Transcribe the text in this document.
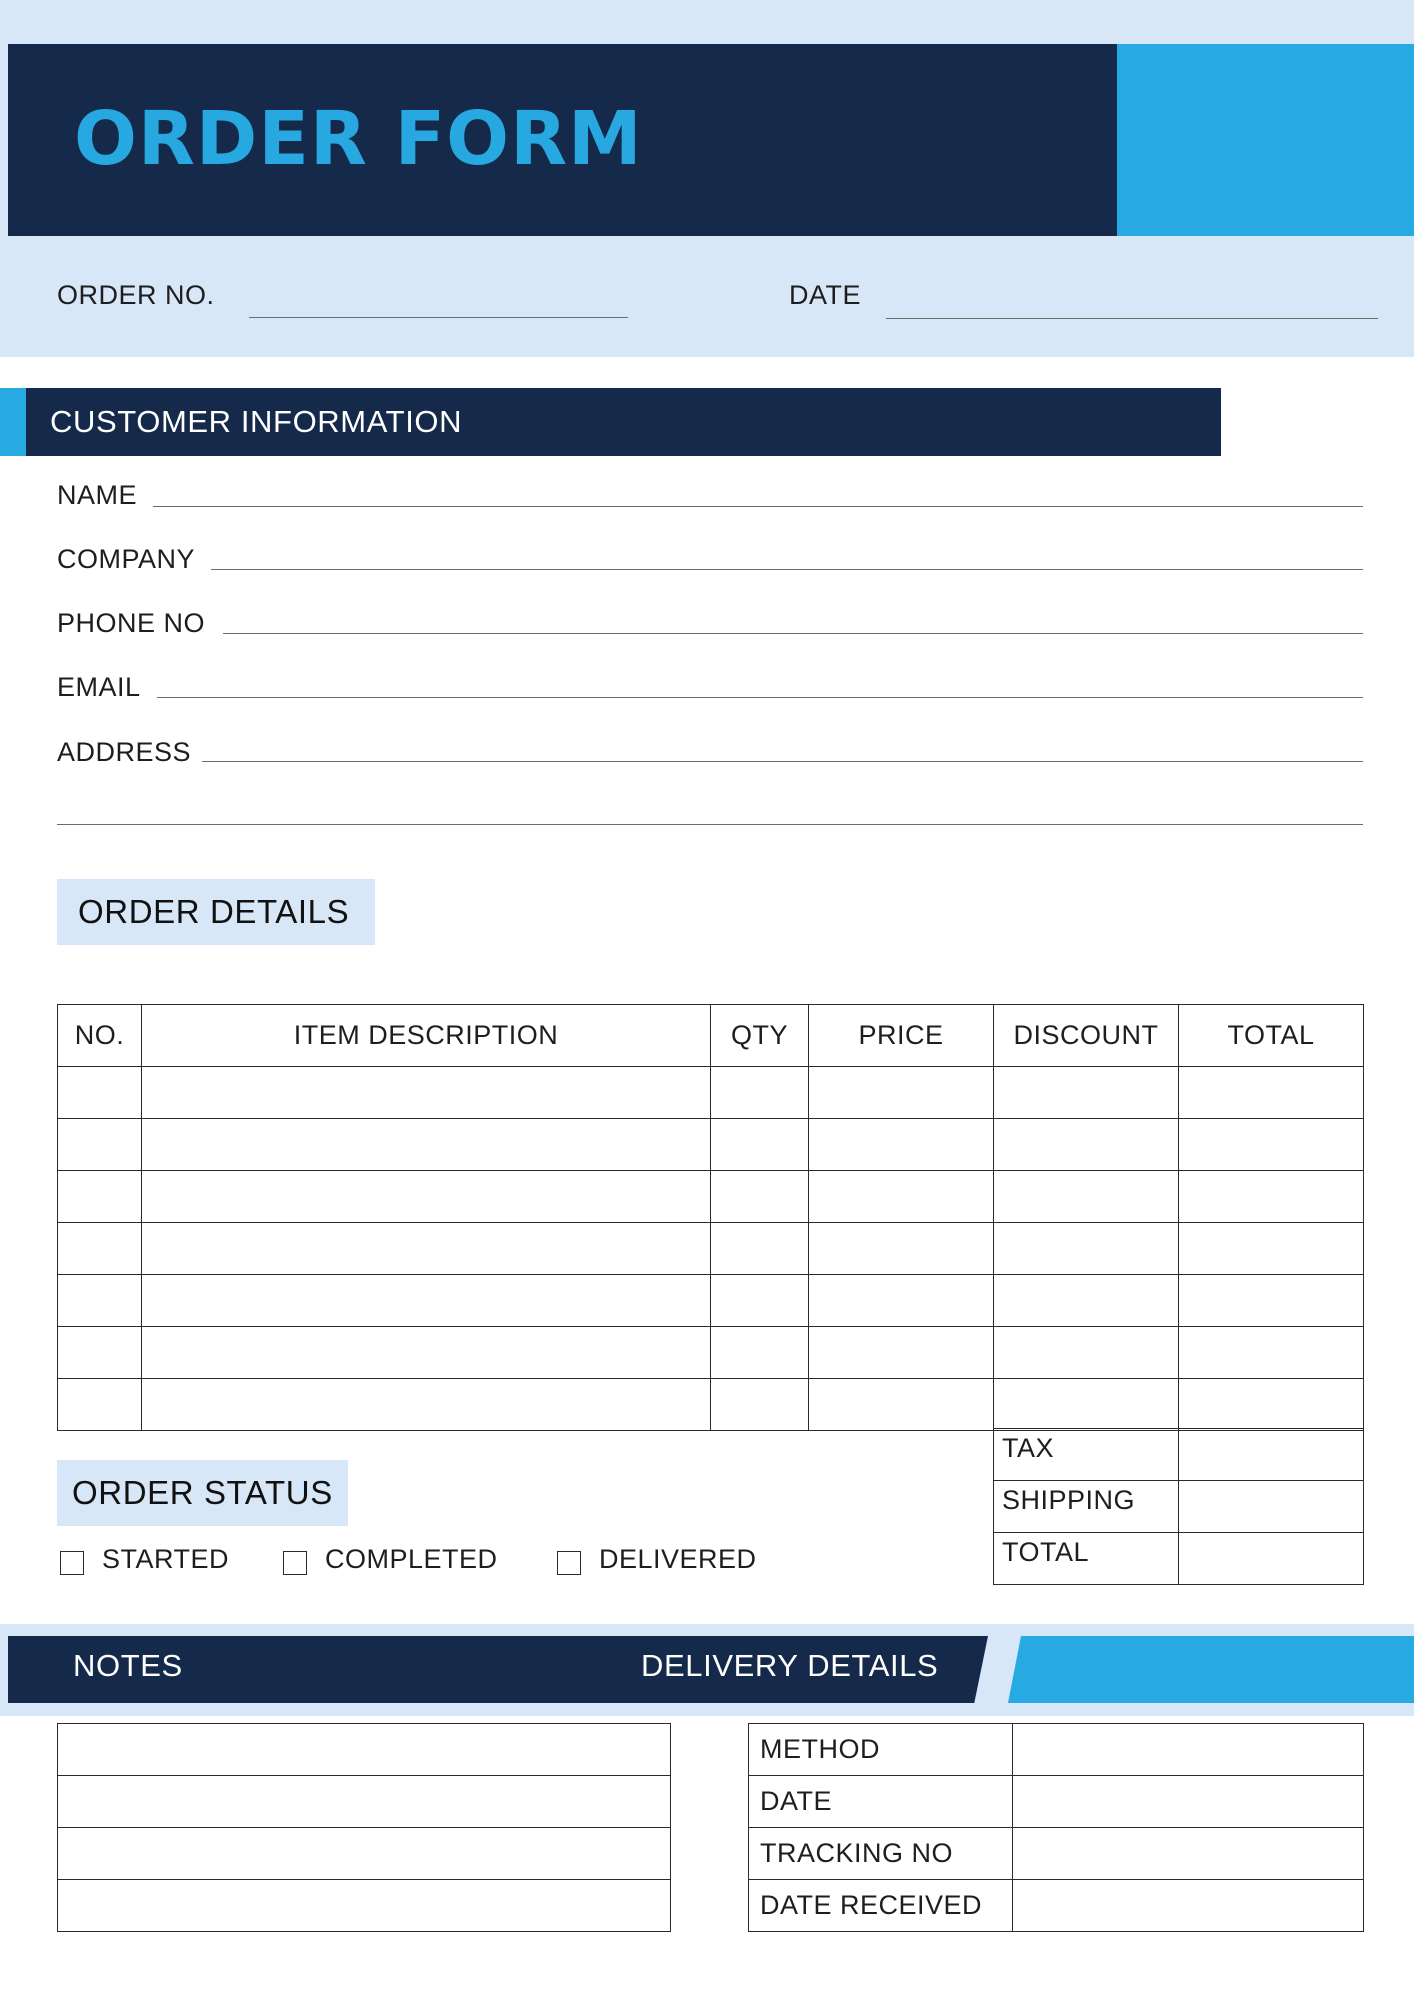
ORDER FORM
ORDER NO.	DATE
CUSTOMER INFORMATION
NAME
COMPANY
PHONE NO
EMAIL
ADDRESS
ORDER DETAILS
NO.	ITEM DESCRIPTION	QTY	PRICE	DISCOUNT	TOTAL

TAX	
SHIPPING	
TOTAL	
ORDER STATUS
STARTED	COMPLETED	DELIVERED
NOTES	DELIVERY DETAILS

METHOD	
DATE	
TRACKING NO	
DATE RECEIVED	
